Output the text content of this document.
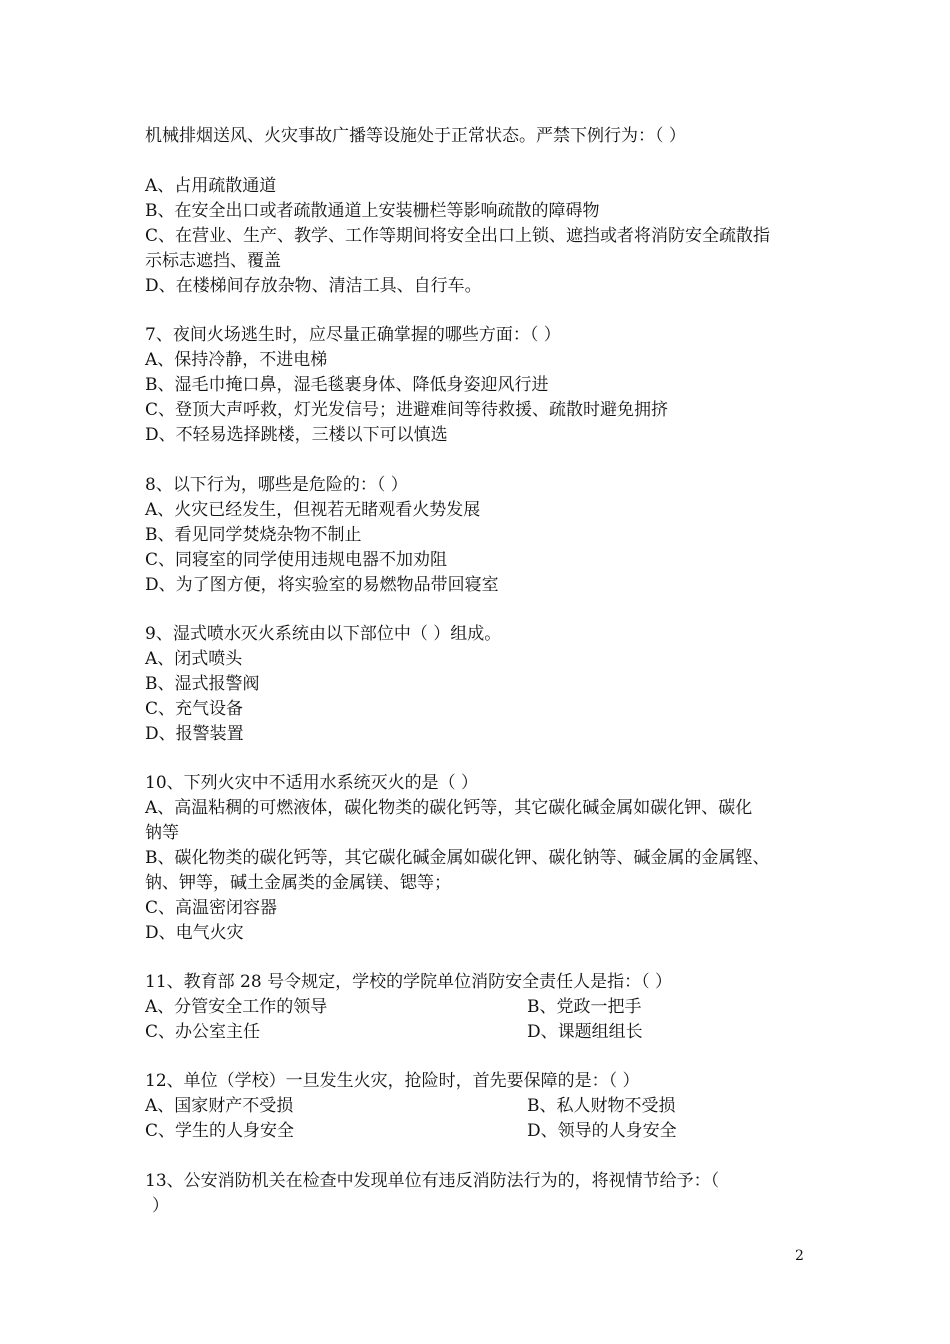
机械排烟送风、火灾事故广播等设施处于正常状态。严禁下例行为：（ ）
A、占用疏散通道
B、在安全出口或者疏散通道上安装栅栏等影响疏散的障碍物
C、在营业、生产、教学、工作等期间将安全出口上锁、遮挡或者将消防安全疏散指
示标志遮挡、覆盖
D、在楼梯间存放杂物、清洁工具、自行车。
7、夜间火场逃生时，应尽量正确掌握的哪些方面：（ ）
A、保持冷静，不进电梯
B、湿毛巾掩口鼻，湿毛毯裹身体、降低身姿迎风行进
C、登顶大声呼救，灯光发信号；进避难间等待救援、疏散时避免拥挤
D、不轻易选择跳楼，三楼以下可以慎选
8、以下行为，哪些是危险的：（ ）
A、火灾已经发生，但视若无睹观看火势发展
B、看见同学焚烧杂物不制止
C、同寝室的同学使用违规电器不加劝阻
D、为了图方便，将实验室的易燃物品带回寝室
9、湿式喷水灭火系统由以下部位中（ ）组成。
A、闭式喷头
B、湿式报警阀
C、充气设备
D、报警装置
10、下列火灾中不适用水系统灭火的是（ ）
A、高温粘稠的可燃液体，碳化物类的碳化钙等，其它碳化碱金属如碳化钾、碳化
钠等
B、碳化物类的碳化钙等，其它碳化碱金属如碳化钾、碳化钠等、碱金属的金属铿、
钠、钾等，碱土金属类的金属镁、锶等；
C、高温密闭容器
D、电气火灾
11、教育部 28 号令规定，学校的学院单位消防安全责任人是指：（ ）
A、分管安全工作的领导	B、党政一把手
C、办公室主任	D、课题组组长
12、单位（学校）一旦发生火灾，抢险时，首先要保障的是：（ ）
A、国家财产不受损	B、私人财物不受损
C、学生的人身安全	D、领导的人身安全
13、公安消防机关在检查中发现单位有违反消防法行为的，将视情节给予：（
）
2
